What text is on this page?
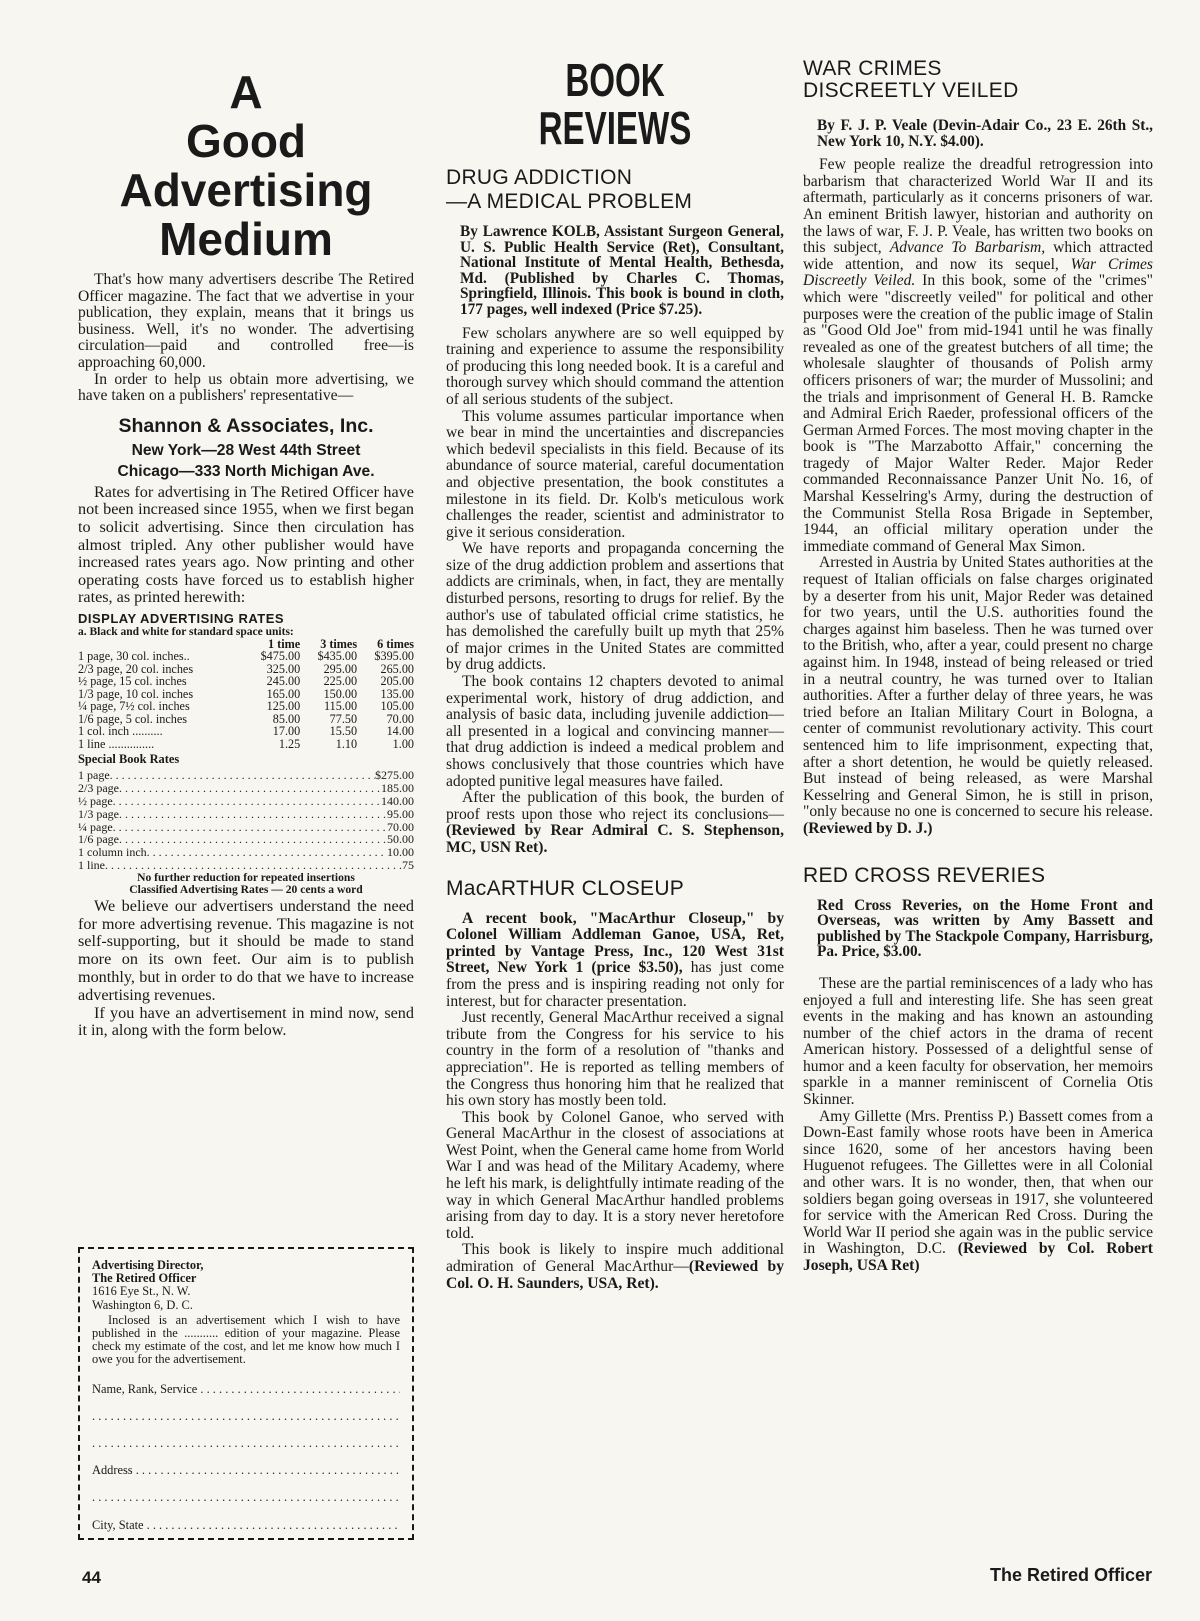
A
Good
Advertising
Medium

That's how many advertisers describe The Retired Officer magazine. The fact that we advertise in your publication, they explain, means that it brings us business. Well, it's no wonder. The advertising circulation—paid and controlled free—is approaching 60,000.

In order to help us obtain more advertising, we have taken on a publishers' representative—

Shannon & Associates, Inc.
New York—28 West 44th Street
Chicago—333 North Michigan Ave.

Rates for advertising in The Retired Officer have not been increased since 1955, when we first began to solicit advertising. Since then circulation has almost tripled. Any other publisher would have increased rates years ago. Now printing and other operating costs have forced us to establish higher rates, as printed herewith:

DISPLAY ADVERTISING RATES
a. Black and white for standard space units:
	1 time	3 times	6 times
1 page, 30 col. inches..	$475.00	$435.00	$395.00
2/3 page, 20 col. inches	325.00	295.00	265.00
½ page, 15 col. inches	245.00	225.00	205.00
1/3 page, 10 col. inches	165.00	150.00	135.00
¼ page, 7½ col. inches	125.00	115.00	105.00
1/6 page, 5 col. inches	85.00	77.50	70.00
1 col. inch ..........	17.00	15.50	14.00
1 line ...............	1.25	1.10	1.00
Special Book Rates
1 page . . .	$275.00
2/3 page . . .	185.00
½ page . . .	140.00
1/3 page . . .	95.00
¼ page . . .	70.00
1/6 page . . .	50.00
1 column inch . . .	10.00
1 line . . .	.75
No further reduction for repeated insertions
Classified Advertising Rates — 20 cents a word

We believe our advertisers understand the need for more advertising revenue. This magazine is not self-supporting, but it should be made to stand more on its own feet. Our aim is to publish monthly, but in order to do that we have to increase advertising revenues.

If you have an advertisement in mind now, send it in, along with the form below.

Advertising Director,
The Retired Officer
1616 Eye St., N. W.
Washington 6, D. C.
Inclosed is an advertisement which I wish to have published in the ........... edition of your magazine. Please check my estimate of the cost, and let me know how much I owe you for the advertisement.
Name, Rank, Service

. . .
. . .
. . .
Address

. . .
. . .
City, State

. . .
BOOK REVIEWS
DRUG ADDICTION
—A MEDICAL PROBLEM
By Lawrence KOLB, Assistant Surgeon General, U. S. Public Health Service (Ret), Consultant, National Institute of Mental Health, Bethesda, Md. (Published by Charles C. Thomas, Springfield, Illinois. This book is bound in cloth, 177 pages, well indexed (Price $7.25).

Few scholars anywhere are so well equipped by training and experience to assume the responsibility of producing this long needed book. It is a careful and thorough survey which should command the attention of all serious students of the subject.

This volume assumes particular importance when we bear in mind the uncertainties and discrepancies which bedevil specialists in this field. Because of its abundance of source material, careful documentation and objective presentation, the book constitutes a milestone in its field. Dr. Kolb's meticulous work challenges the reader, scientist and administrator to give it serious consideration.

We have reports and propaganda concerning the size of the drug addiction problem and assertions that addicts are criminals, when, in fact, they are mentally disturbed persons, resorting to drugs for relief. By the author's use of tabulated official crime statistics, he has demolished the carefully built up myth that 25% of major crimes in the United States are committed by drug addicts.

The book contains 12 chapters devoted to animal experimental work, history of drug addiction, and analysis of basic data, including juvenile addiction—all presented in a logical and convincing manner—that drug addiction is indeed a medical problem and shows conclusively that those countries which have adopted punitive legal measures have failed.

After the publication of this book, the burden of proof rests upon those who reject its conclusions—(Reviewed by Rear Admiral C. S. Stephenson, MC, USN Ret).

MacARTHUR CLOSEUP

A recent book, "MacArthur Closeup," by Colonel William Addleman Ganoe, USA, Ret, printed by Vantage Press, Inc., 120 West 31st Street, New York 1 (price $3.50), has just come from the press and is inspiring reading not only for interest, but for character presentation.

Just recently, General MacArthur received a signal tribute from the Congress for his service to his country in the form of a resolution of "thanks and appreciation". He is reported as telling members of the Congress thus honoring him that he realized that his own story has mostly been told.

This book by Colonel Ganoe, who served with General MacArthur in the closest of associations at West Point, when the General came home from World War I and was head of the Military Academy, where he left his mark, is delightfully intimate reading of the way in which General MacArthur handled problems arising from day to day. It is a story never heretofore told.

This book is likely to inspire much additional admiration of General MacArthur—(Reviewed by Col. O. H. Saunders, USA, Ret).

WAR CRIMES
DISCREETLY VEILED
By F. J. P. Veale (Devin-Adair Co., 23 E. 26th St., New York 10, N.Y. $4.00).

Few people realize the dreadful retrogression into barbarism that characterized World War II and its aftermath, particularly as it concerns prisoners of war. An eminent British lawyer, historian and authority on the laws of war, F. J. P. Veale, has written two books on this subject, Advance To Barbarism, which attracted wide attention, and now its sequel, War Crimes Discreetly Veiled. In this book, some of the "crimes" which were "discreetly veiled" for political and other purposes were the creation of the public image of Stalin as "Good Old Joe" from mid-1941 until he was finally revealed as one of the greatest butchers of all time; the wholesale slaughter of thousands of Polish army officers prisoners of war; the murder of Mussolini; and the trials and imprisonment of General H. B. Ramcke and Admiral Erich Raeder, professional officers of the German Armed Forces. The most moving chapter in the book is "The Marzabotto Affair," concerning the tragedy of Major Walter Reder. Major Reder commanded Reconnaissance Panzer Unit No. 16, of Marshal Kesselring's Army, during the destruction of the Communist Stella Rosa Brigade in September, 1944, an official military operation under the immediate command of General Max Simon.

Arrested in Austria by United States authorities at the request of Italian officials on false charges originated by a deserter from his unit, Major Reder was detained for two years, until the U.S. authorities found the charges against him baseless. Then he was turned over to the British, who, after a year, could present no charge against him. In 1948, instead of being released or tried in a neutral country, he was turned over to Italian authorities. After a further delay of three years, he was tried before an Italian Military Court in Bologna, a center of communist revolutionary activity. This court sentenced him to life imprisonment, expecting that, after a short detention, he would be quietly released. But instead of being released, as were Marshal Kesselring and General Simon, he is still in prison, "only because no one is concerned to secure his release. (Reviewed by D. J.)

RED CROSS REVERIES
Red Cross Reveries, on the Home Front and Overseas, was written by Amy Bassett and published by The Stackpole Company, Harrisburg, Pa. Price, $3.00.

These are the partial reminiscences of a lady who has enjoyed a full and interesting life. She has seen great events in the making and has known an astounding number of the chief actors in the drama of recent American history. Possessed of a delightful sense of humor and a keen faculty for observation, her memoirs sparkle in a manner reminiscent of Cornelia Otis Skinner.

Amy Gillette (Mrs. Prentiss P.) Bassett comes from a Down-East family whose roots have been in America since 1620, some of her ancestors having been Huguenot refugees. The Gillettes were in all Colonial and other wars. It is no wonder, then, that when our soldiers began going overseas in 1917, she volunteered for service with the American Red Cross. During the World War II period she again was in the public service in Washington, D.C. (Reviewed by Col. Robert Joseph, USA Ret)

44	The Retired Officer
